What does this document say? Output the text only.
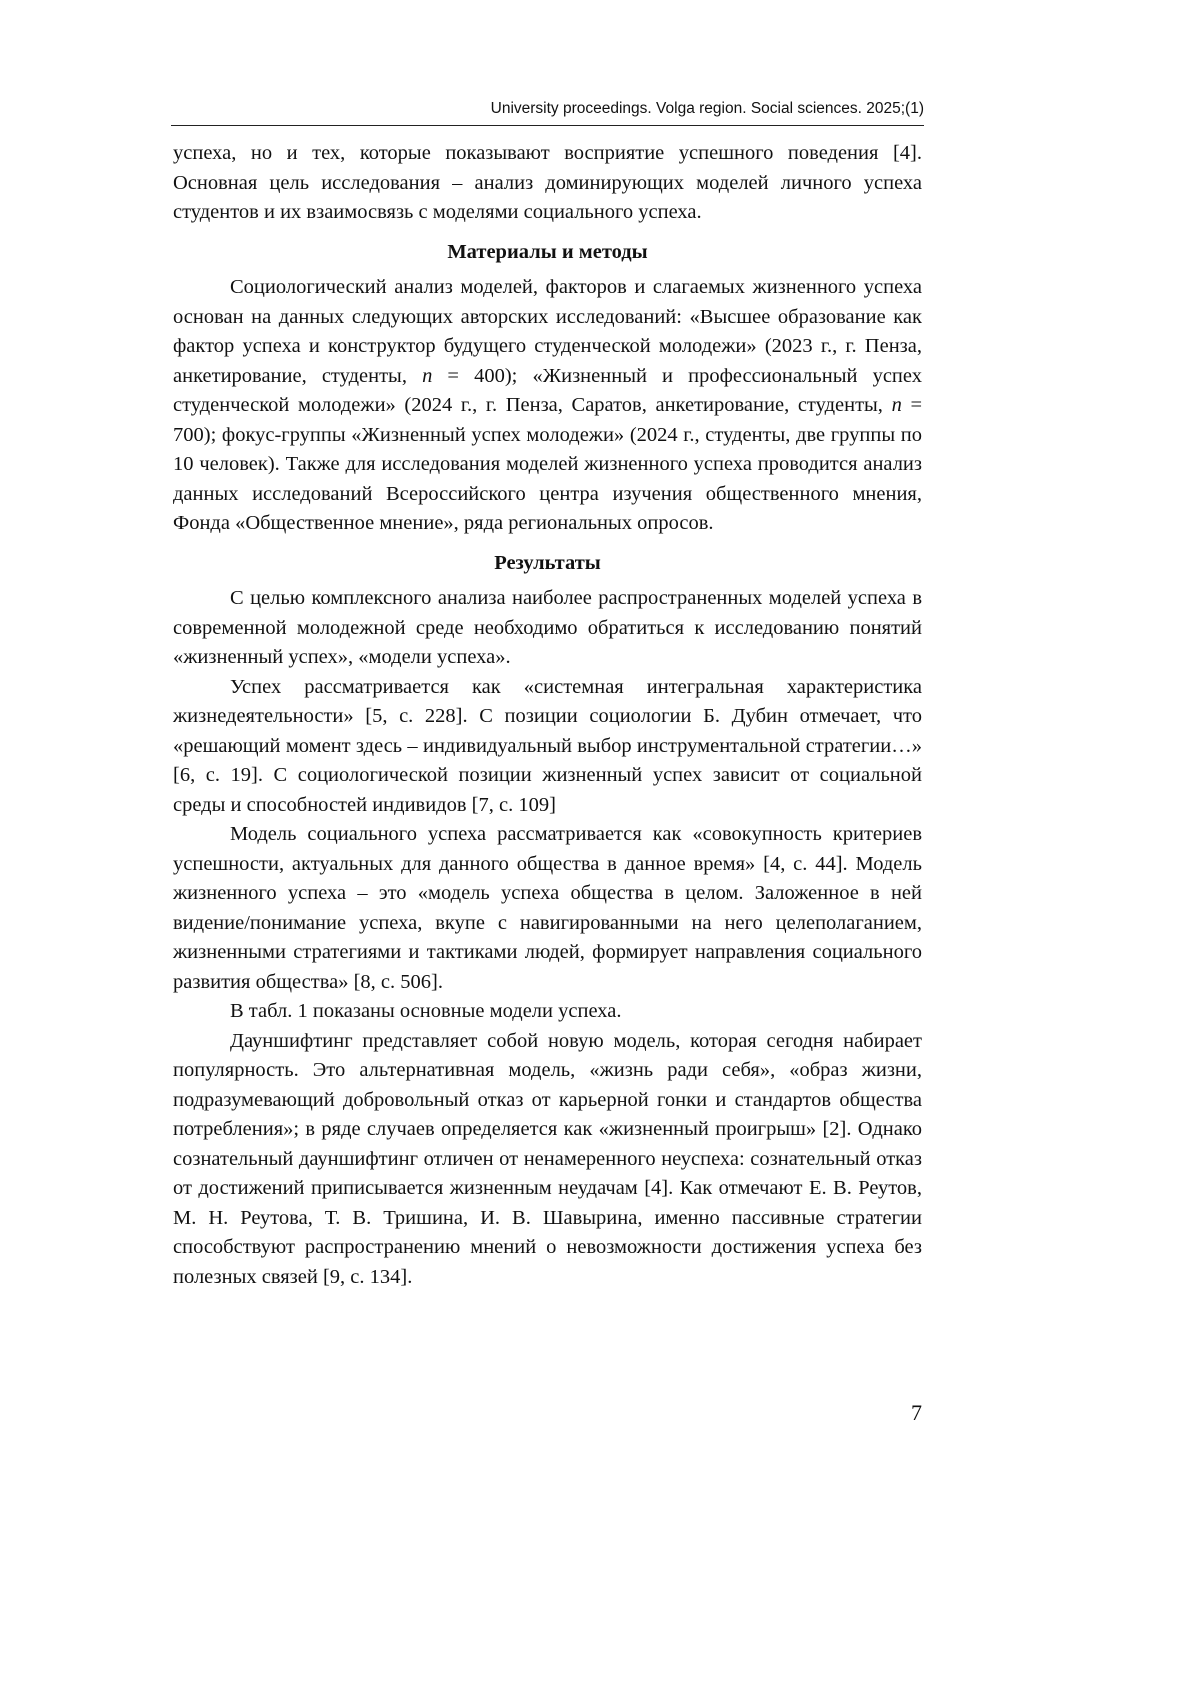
University proceedings. Volga region. Social sciences. 2025;(1)

успеха, но и тех, которые показывают восприятие успешного поведения [4]. Основная цель исследования – анализ доминирующих моделей личного успеха студентов и их взаимосвязь с моделями социального успеха.

Материалы и методы

Социологический анализ моделей, факторов и слагаемых жизненного успеха основан на данных следующих авторских исследований: «Высшее образование как фактор успеха и конструктор будущего студенческой молодежи» (2023 г., г. Пенза, анкетирование, студенты, n = 400); «Жизненный и профессиональный успех студенческой молодежи» (2024 г., г. Пенза, Саратов, анкетирование, студенты, n = 700); фокус-группы «Жизненный успех молодежи» (2024 г., студенты, две группы по 10 человек). Также для исследования моделей жизненного успеха проводится анализ данных исследований Всероссийского центра изучения общественного мнения, Фонда «Общественное мнение», ряда региональных опросов.

Результаты

С целью комплексного анализа наиболее распространенных моделей успеха в современной молодежной среде необходимо обратиться к исследованию понятий «жизненный успех», «модели успеха».

Успех рассматривается как «системная интегральная характеристика жизнедеятельности» [5, с. 228]. С позиции социологии Б. Дубин отмечает, что «решающий момент здесь – индивидуальный выбор инструментальной стратегии…» [6, с. 19]. С социологической позиции жизненный успех зависит от социальной среды и способностей индивидов [7, с. 109]

Модель социального успеха рассматривается как «совокупность критериев успешности, актуальных для данного общества в данное время» [4, с. 44]. Модель жизненного успеха – это «модель успеха общества в целом. Заложенное в ней видение/понимание успеха, вкупе с навигированными на него целеполаганием, жизненными стратегиями и тактиками людей, формирует направления социального развития общества» [8, с. 506].

В табл. 1 показаны основные модели успеха.

Дауншифтинг представляет собой новую модель, которая сегодня набирает популярность. Это альтернативная модель, «жизнь ради себя», «образ жизни, подразумевающий добровольный отказ от карьерной гонки и стандартов общества потребления»; в ряде случаев определяется как «жизненный проигрыш» [2]. Однако сознательный дауншифтинг отличен от ненамеренного неуспеха: сознательный отказ от достижений приписывается жизненным неудачам [4]. Как отмечают Е. В. Реутов, М. Н. Реутова, Т. В. Тришина, И. В. Шавырина, именно пассивные стратегии способствуют распространению мнений о невозможности достижения успеха без полезных связей [9, с. 134].

7
